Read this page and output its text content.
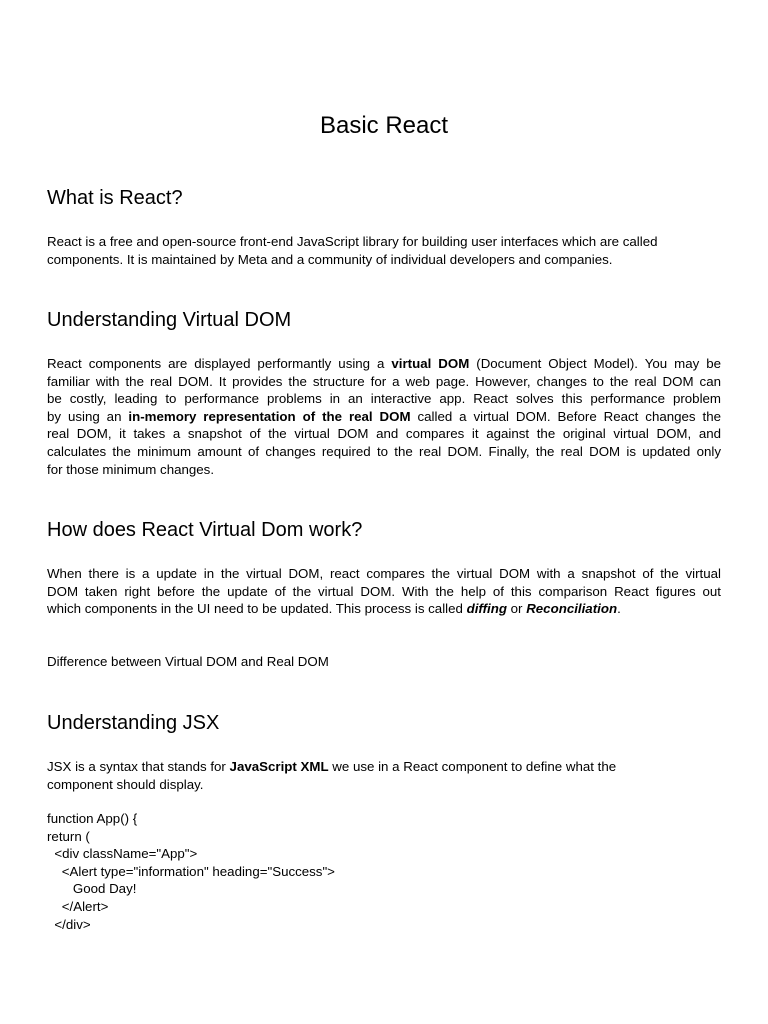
Basic React
What is React?

React is a free and open-source front-end JavaScript library for building user interfaces which are called
components. It is maintained by Meta and a community of individual developers and companies.

Understanding Virtual DOM

React components are displayed performantly using a virtual DOM (Document Object Model). You may be
familiar with the real DOM. It provides the structure for a web page. However, changes to the real DOM can
be costly, leading to performance problems in an interactive app. React solves this performance problem
by using an in-memory representation of the real DOM called a virtual DOM. Before React changes the
real DOM, it takes a snapshot of the virtual DOM and compares it against the original virtual DOM, and
calculates the minimum amount of changes required to the real DOM. Finally, the real DOM is updated only
for those minimum changes.

How does React Virtual Dom work?

When there is a update in the virtual DOM, react compares the virtual DOM with a snapshot of the virtual
DOM taken right before the update of the virtual DOM. With the help of this comparison React figures out
which components in the UI need to be updated. This process is called diffing or Reconciliation.

Difference between Virtual DOM and Real DOM

Understanding JSX

JSX is a syntax that stands for JavaScript XML we use in a React component to define what the
component should display.

function App() {
return (
<div className="App">
<Alert type="information" heading="Success">
Good Day!
</Alert>
</div>
